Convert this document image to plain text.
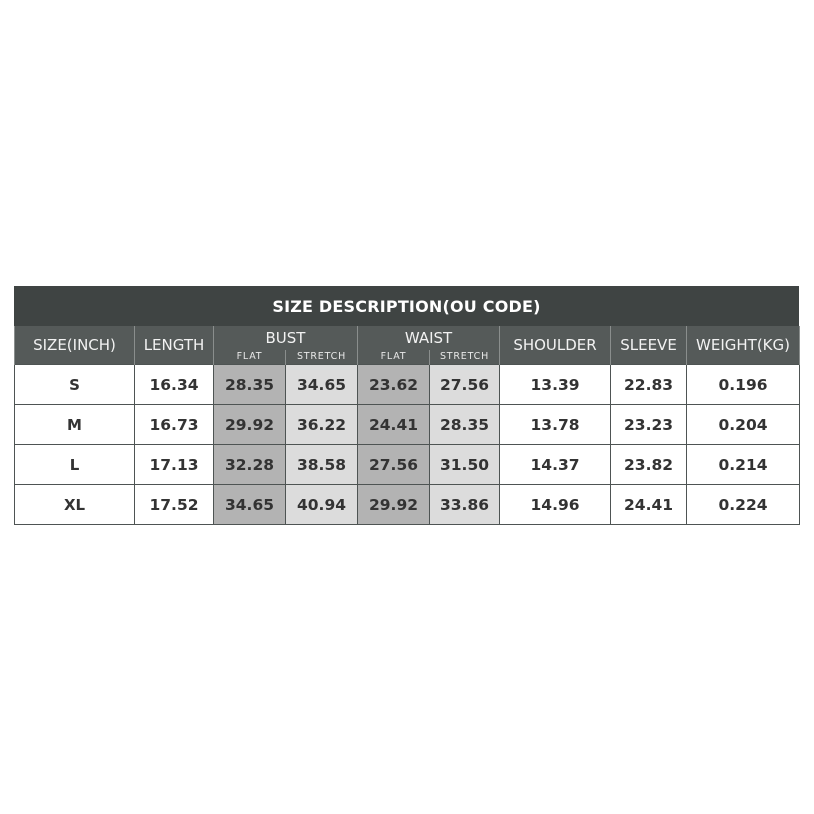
SIZE DESCRIPTION(OU CODE)
SIZE(INCH)	LENGTH	BUST		WAIST		SHOULDER	SLEEVE	WEIGHT(KG)
		FLAT	STRETCH	FLAT	STRETCH			
S	16.34	28.35	34.65	23.62	27.56	13.39	22.83	0.196
M	16.73	29.92	36.22	24.41	28.35	13.78	23.23	0.204
L	17.13	32.28	38.58	27.56	31.50	14.37	23.82	0.214
XL	17.52	34.65	40.94	29.92	33.86	14.96	24.41	0.224
